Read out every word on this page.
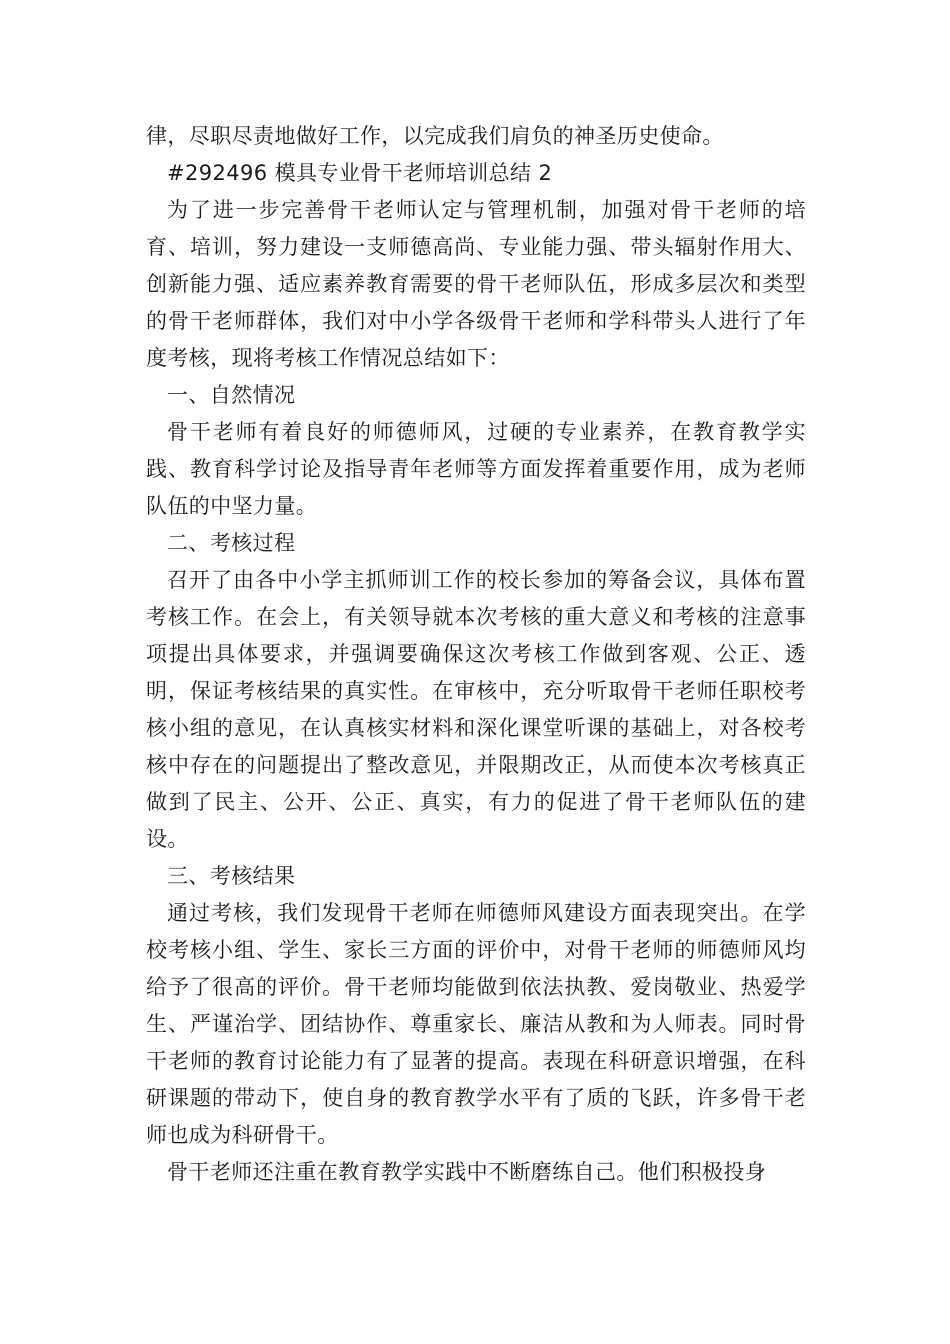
律，尽职尽责地做好工作，以完成我们肩负的神圣历史使命。

#292496 模具专业骨干老师培训总结 2

为了进一步完善骨干老师认定与管理机制，加强对骨干老师的培育、培训，努力建设一支师德高尚、专业能力强、带头辐射作用大、创新能力强、适应素养教育需要的骨干老师队伍，形成多层次和类型的骨干老师群体，我们对中小学各级骨干老师和学科带头人进行了年度考核，现将考核工作情况总结如下：

一、自然情况

骨干老师有着良好的师德师风，过硬的专业素养，在教育教学实践、教育科学讨论及指导青年老师等方面发挥着重要作用，成为老师队伍的中坚力量。

二、考核过程

召开了由各中小学主抓师训工作的校长参加的筹备会议，具体布置考核工作。在会上，有关领导就本次考核的重大意义和考核的注意事项提出具体要求，并强调要确保这次考核工作做到客观、公正、透明，保证考核结果的真实性。在审核中，充分听取骨干老师任职校考核小组的意见，在认真核实材料和深化课堂听课的基础上，对各校考核中存在的问题提出了整改意见，并限期改正，从而使本次考核真正做到了民主、公开、公正、真实，有力的促进了骨干老师队伍的建设。

三、考核结果

通过考核，我们发现骨干老师在师德师风建设方面表现突出。在学校考核小组、学生、家长三方面的评价中，对骨干老师的师德师风均给予了很高的评价。骨干老师均能做到依法执教、爱岗敬业、热爱学生、严谨治学、团结协作、尊重家长、廉洁从教和为人师表。同时骨干老师的教育讨论能力有了显著的提高。表现在科研意识增强，在科研课题的带动下，使自身的教育教学水平有了质的飞跃，许多骨干老师也成为科研骨干。

骨干老师还注重在教育教学实践中不断磨练自己。他们积极投身
